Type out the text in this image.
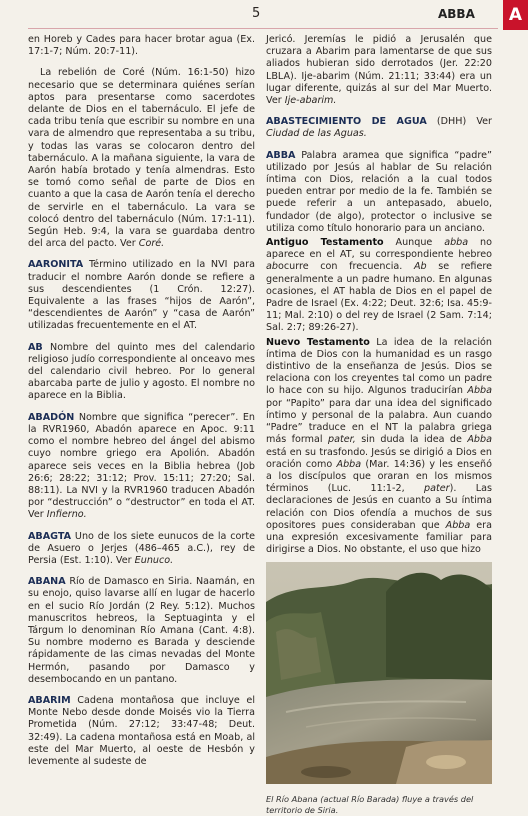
5	ABBA	A

en Horeb y Cades para hacer brotar agua (Ex. 17:1-7; Núm. 20:7-11).

La rebelión de Coré (Núm. 16:1-50) hizo necesario que se determinara quiénes serían aptos para presentarse como sacerdotes delante de Dios en el tabernáculo. El jefe de cada tribu tenía que escribir su nombre en una vara de almendro que representaba a su tribu, y todas las varas se colocaron dentro del tabernáculo. A la mañana siguiente, la vara de Aarón había brotado y tenía almendras. Esto se tomó como señal de parte de Dios en cuanto a que la casa de Aarón tenía el derecho de servirle en el tabernáculo. La vara se colocó dentro del tabernáculo (Núm. 17:1-11). Según Heb. 9:4, la vara se guardaba dentro del arca del pacto. Ver Coré.

AARONITA Término utilizado en la NVI para traducir el nombre Aarón donde se refiere a sus descendientes (1 Crón. 12:27). Equivalente a las frases “hijos de Aarón”, “descendientes de Aarón” y “casa de Aarón” utilizadas frecuentemente en el AT.

AB Nombre del quinto mes del calendario religioso judío correspondiente al onceavo mes del calendario civil hebreo. Por lo general abarcaba parte de julio y agosto. El nombre no aparece en la Biblia.

ABADÓN Nombre que significa “perecer”. En la RVR1960, Abadón aparece en Apoc. 9:11 como el nombre hebreo del ángel del abismo cuyo nombre griego era Apolión. Abadón aparece seis veces en la Biblia hebrea (Job 26:6; 28:22; 31:12; Prov. 15:11; 27:20; Sal. 88:11). La NVI y la RVR1960 traducen Abadón por “destrucción” o “destructor” en toda el AT. Ver Infierno.

ABAGTA Uno de los siete eunucos de la corte de Asuero o Jerjes (486–465 a.C.), rey de Persia (Est. 1:10). Ver Eunuco.

ABANA Río de Damasco en Siria. Naamán, en su enojo, quiso lavarse allí en lugar de hacerlo en el sucio Río Jordán (2 Rey. 5:12). Muchos manuscritos hebreos, la Septuaginta y el Tárgum lo denominan Río Amana (Cant. 4:8). Su nombre moderno es Barada y desciende rápidamente de las cimas nevadas del Monte Hermón, pasando por Damasco y desembocando en un pantano.

ABARIM Cadena montañosa que incluye el Monte Nebo desde donde Moisés vio la Tierra Prometida (Núm. 27:12; 33:47-48; Deut. 32:49). La cadena montañosa está en Moab, al este del Mar Muerto, al oeste de Hesbón y levemente al sudeste de

Jericó. Jeremías le pidió a Jerusalén que cruzara a Abarim para lamentarse de que sus aliados hubieran sido derrotados (Jer. 22:20 LBLA). Ije-abarim (Núm. 21:11; 33:44) era un lugar diferente, quizás al sur del Mar Muerto. Ver Ije-abarim.

ABASTECIMIENTO DE AGUA (DHH) Ver Ciudad de las Aguas.

ABBA Palabra aramea que significa “padre” utilizado por Jesús al hablar de Su relación íntima con Dios, relación a la cual todos pueden entrar por medio de la fe. También se puede referir a un antepasado, abuelo, fundador (de algo), protector o inclusive se utiliza como título honorario para un anciano.

Antiguo Testamento Aunque abba no aparece en el AT, su correspondiente hebreo abocurre con frecuencia. Ab se refiere generalmente a un padre humano. En algunas ocasiones, el AT habla de Dios en el papel de Padre de Israel (Ex. 4:22; Deut. 32:6; Isa. 45:9-11; Mal. 2:10) o del rey de Israel (2 Sam. 7:14; Sal. 2:7; 89:26-27).

Nuevo Testamento La idea de la relación íntima de Dios con la humanidad es un rasgo distintivo de la enseñanza de Jesús. Dios se relaciona con los creyentes tal como un padre lo hace con su hijo. Algunos traducirían Abba por “Papito” para dar una idea del significado íntimo y personal de la palabra. Aun cuando “Padre” traduce en el NT la palabra griega más formal pater, sin duda la idea de Abba está en su trasfondo. Jesús se dirigió a Dios en oración como Abba (Mar. 14:36) y les enseñó a los discípulos que oraran en los mismos términos (Luc. 11:1-2, pater). Las declaraciones de Jesús en cuanto a Su íntima relación con Dios ofendía a muchos de sus opositores pues consideraban que Abba era una expresión excesivamente familiar para dirigirse a Dios. No obstante, el uso que hizo

El Río Abana (actual Río Barada) fluye a través del territorio de Siria.
